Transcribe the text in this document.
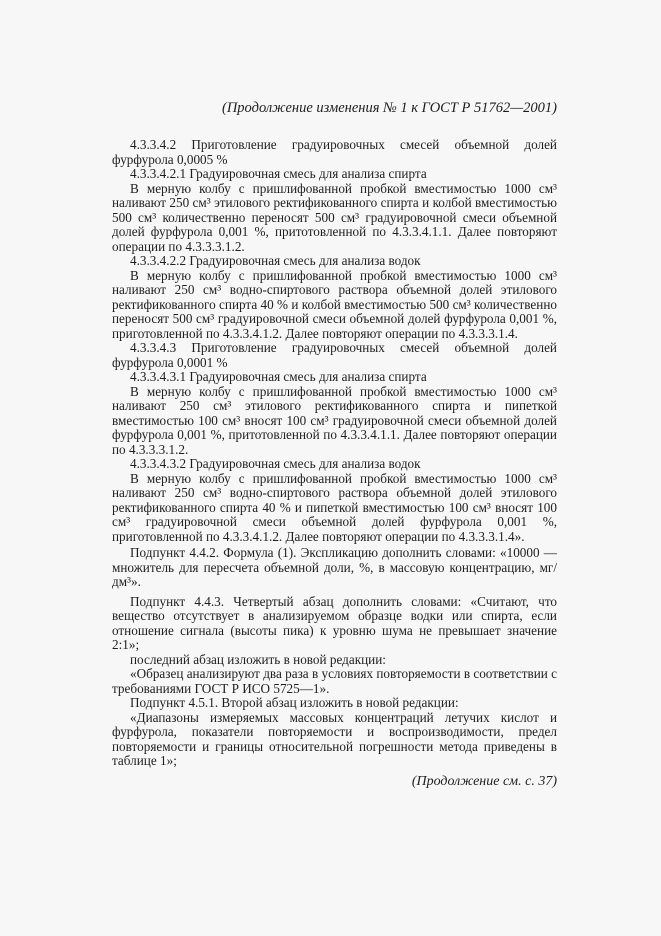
(Продолжение изменения № 1 к ГОСТ Р 51762—2001)

4.3.3.4.2 Приготовление градуировочных смесей объемной долей фурфурола 0,0005 %

4.3.3.4.2.1 Градуировочная смесь для анализа спирта

В мерную колбу с пришлифованной пробкой вместимостью 1000 см³ наливают 250 см³ этилового ректификованного спирта и колбой вместимостью 500 см³ количественно переносят 500 см³ градуировочной смеси объемной долей фурфурола 0,001 %, притотовленной по 4.3.3.4.1.1. Далее повторяют операции по 4.3.3.3.1.2.

4.3.3.4.2.2 Градуировочная смесь для анализа водок

В мерную колбу с пришлифованной пробкой вместимостью 1000 см³ наливают 250 см³ водно-спиртового раствора объемной долей этилового ректификованного спирта 40 % и колбой вместимостью 500 см³ количественно переносят 500 см³ градуировочной смеси объемной долей фурфурола 0,001 %, приготовленной по 4.3.3.4.1.2. Далее повторяют операции по 4.3.3.3.1.4.

4.3.3.4.3 Приготовление градуировочных смесей объемной долей фурфурола 0,0001 %

4.3.3.4.3.1 Градуировочная смесь для анализа спирта

В мерную колбу с пришлифованной пробкой вместимостью 1000 см³ наливают 250 см³ этилового ректификованного спирта и пипеткой вместимостью 100 см³ вносят 100 см³ градуировочной смеси объемной долей фурфурола 0,001 %, притотовленной по 4.3.3.4.1.1. Далее повторяют операции по 4.3.3.3.1.2.

4.3.3.4.3.2 Градуировочная смесь для анализа водок

В мерную колбу с пришлифованной пробкой вместимостью 1000 см³ наливают 250 см³ водно-спиртового раствора объемной долей этилового ректификованного спирта 40 % и пипеткой вместимостью 100 см³ вносят 100 см³ градуировочной смеси объемной долей фурфурола 0,001 %, приготовленной по 4.3.3.4.1.2. Далее повторяют операции по 4.3.3.3.1.4».

Подпункт 4.4.2. Формула (1). Экспликацию дополнить словами: «10000 — множитель для пересчета объемной доли, %, в массовую концентрацию, мг/дм³».

Подпункт 4.4.3. Четвертый абзац дополнить словами: «Считают, что вещество отсутствует в анализируемом образце водки или спирта, если отношение сигнала (высоты пика) к уровню шума не превышает значение 2:1»;

последний абзац изложить в новой редакции:

«Образец анализируют два раза в условиях повторяемости в соответствии с требованиями ГОСТ Р ИСО 5725—1».

Подпункт 4.5.1. Второй абзац изложить в новой редакции:

«Диапазоны измеряемых массовых концентраций летучих кислот и фурфурола, показатели повторяемости и воспроизводимости, предел повторяемости и границы относительной погрешности метода приведены в таблице 1»;

(Продолжение см. с. 37)
